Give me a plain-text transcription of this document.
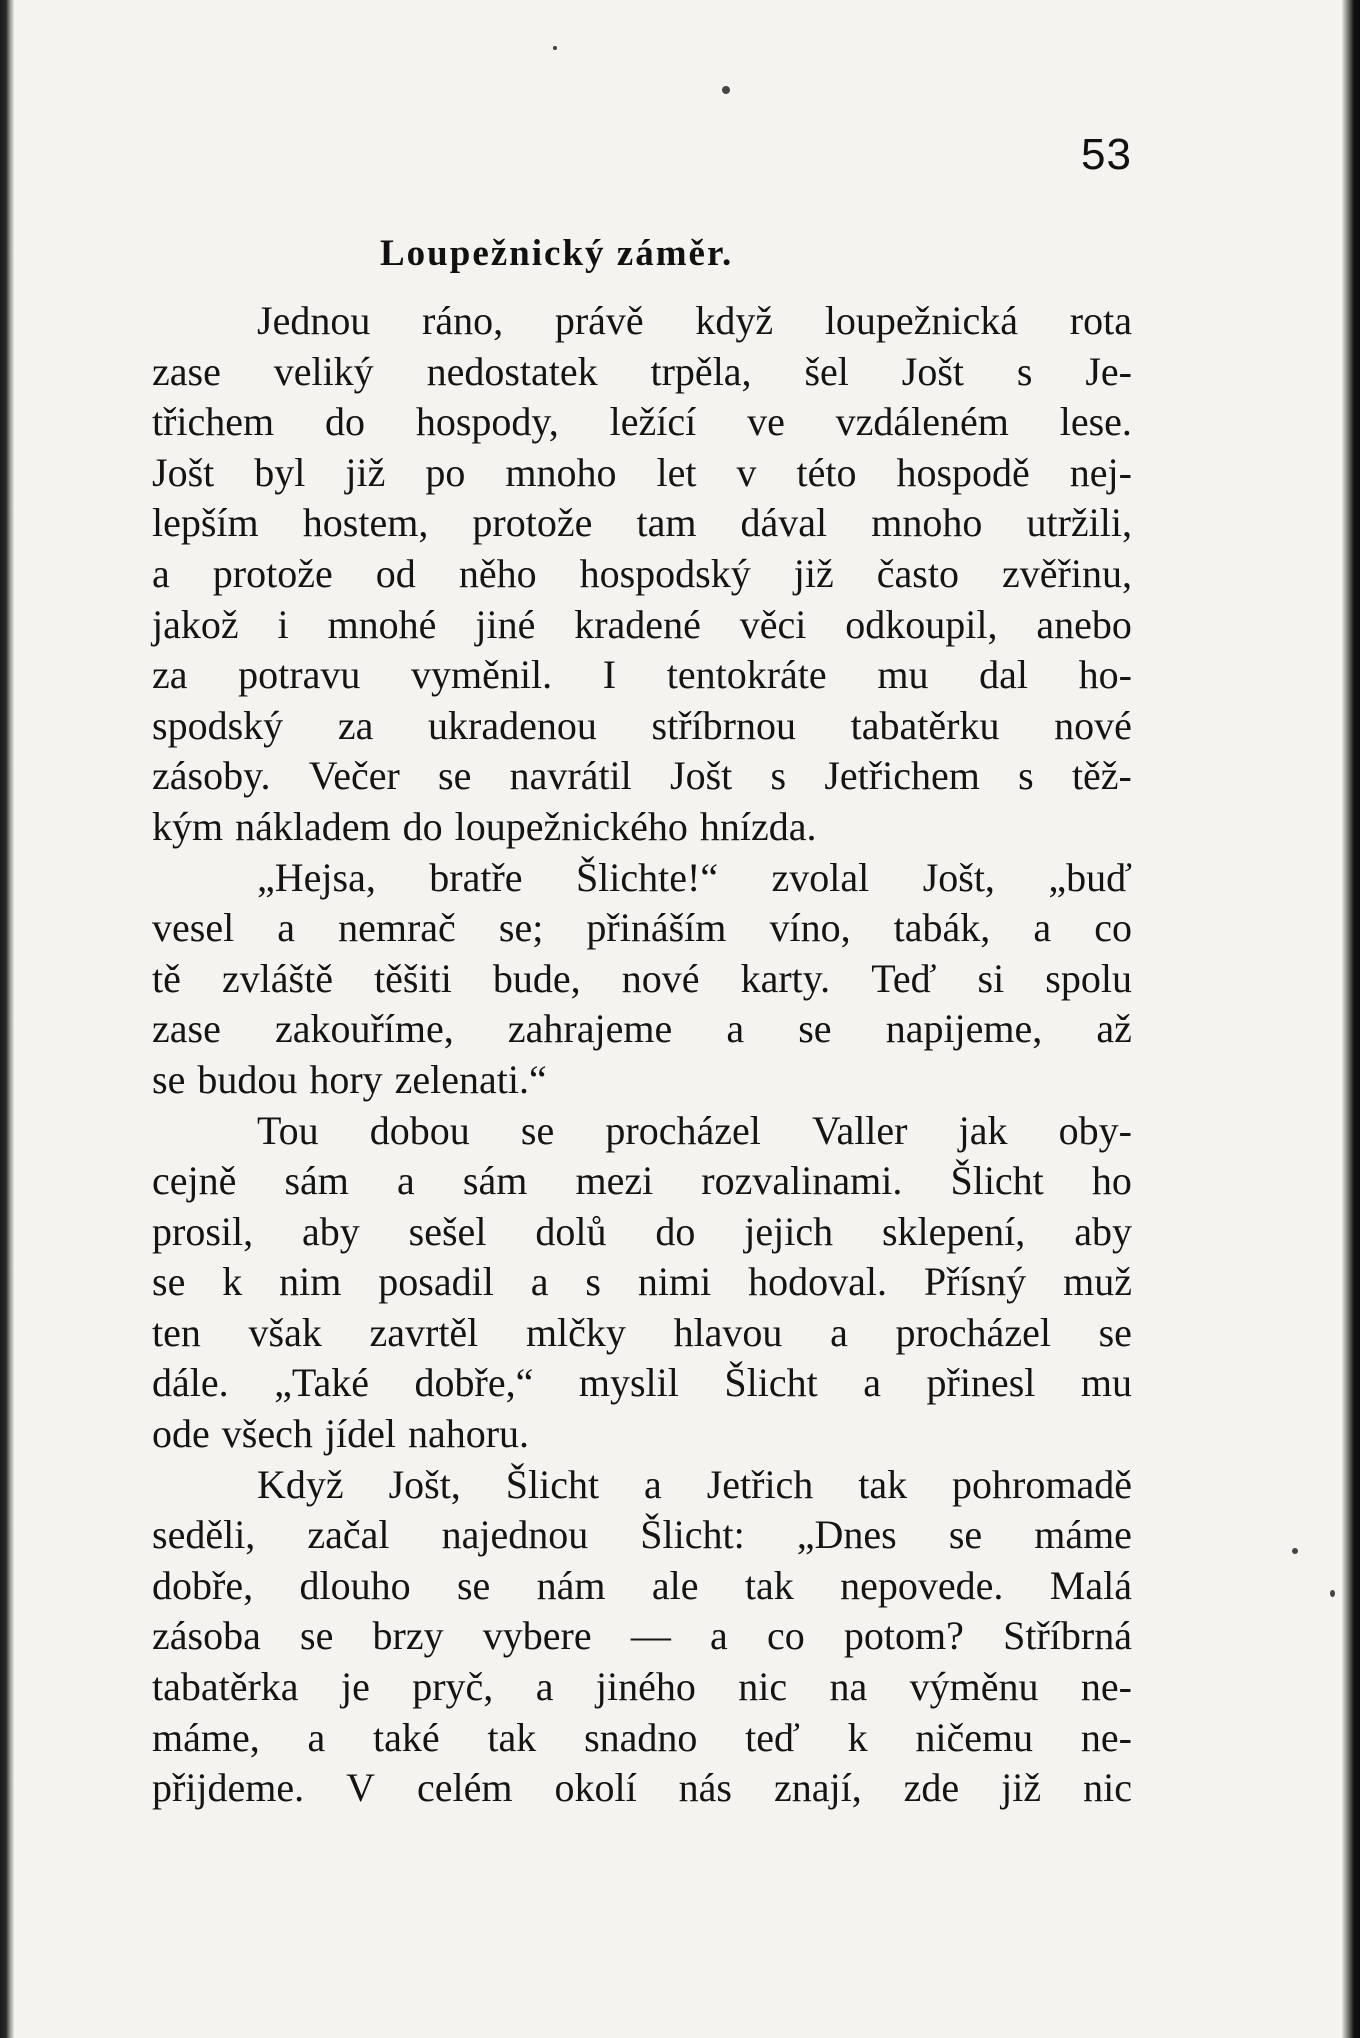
53
Loupežnický záměr.
Jednou ráno, právě když loupežnická rota
zase veliký nedostatek trpěla, šel Jošt s Je-
třichem do hospody, ležící ve vzdáleném lese.
Jošt byl již po mnoho let v této hospodě nej-
lepším hostem, protože tam dával mnoho utržili,
a protože od něho hospodský již často zvěřinu,
jakož i mnohé jiné kradené věci odkoupil, anebo
za potravu vyměnil. I tentokráte mu dal ho-
spodský za ukradenou stříbrnou tabatěrku nové
zásoby. Večer se navrátil Jošt s Jetřichem s těž-
kým nákladem do loupežnického hnízda.
„Hejsa, bratře Šlichte!“ zvolal Jošt, „buď
vesel a nemrač se; přináším víno, tabák, a co
tě zvláště těšiti bude, nové karty. Teď si spolu
zase zakouříme, zahrajeme a se napijeme, až
se budou hory zelenati.“
Tou dobou se procházel Valler jak oby-
cejně sám a sám mezi rozvalinami. Šlicht ho
prosil, aby sešel dolů do jejich sklepení, aby
se k nim posadil a s nimi hodoval. Přísný muž
ten však zavrtěl mlčky hlavou a procházel se
dále. „Také dobře,“ myslil Šlicht a přinesl mu
ode všech jídel nahoru.
Když Jošt, Šlicht a Jetřich tak pohromadě
seděli, začal najednou Šlicht: „Dnes se máme
dobře, dlouho se nám ale tak nepovede. Malá
zásoba se brzy vybere — a co potom? Stříbrná
tabatěrka je pryč, a jiného nic na výměnu ne-
máme, a také tak snadno teď k ničemu ne-
přijdeme. V celém okolí nás znají, zde již nic
